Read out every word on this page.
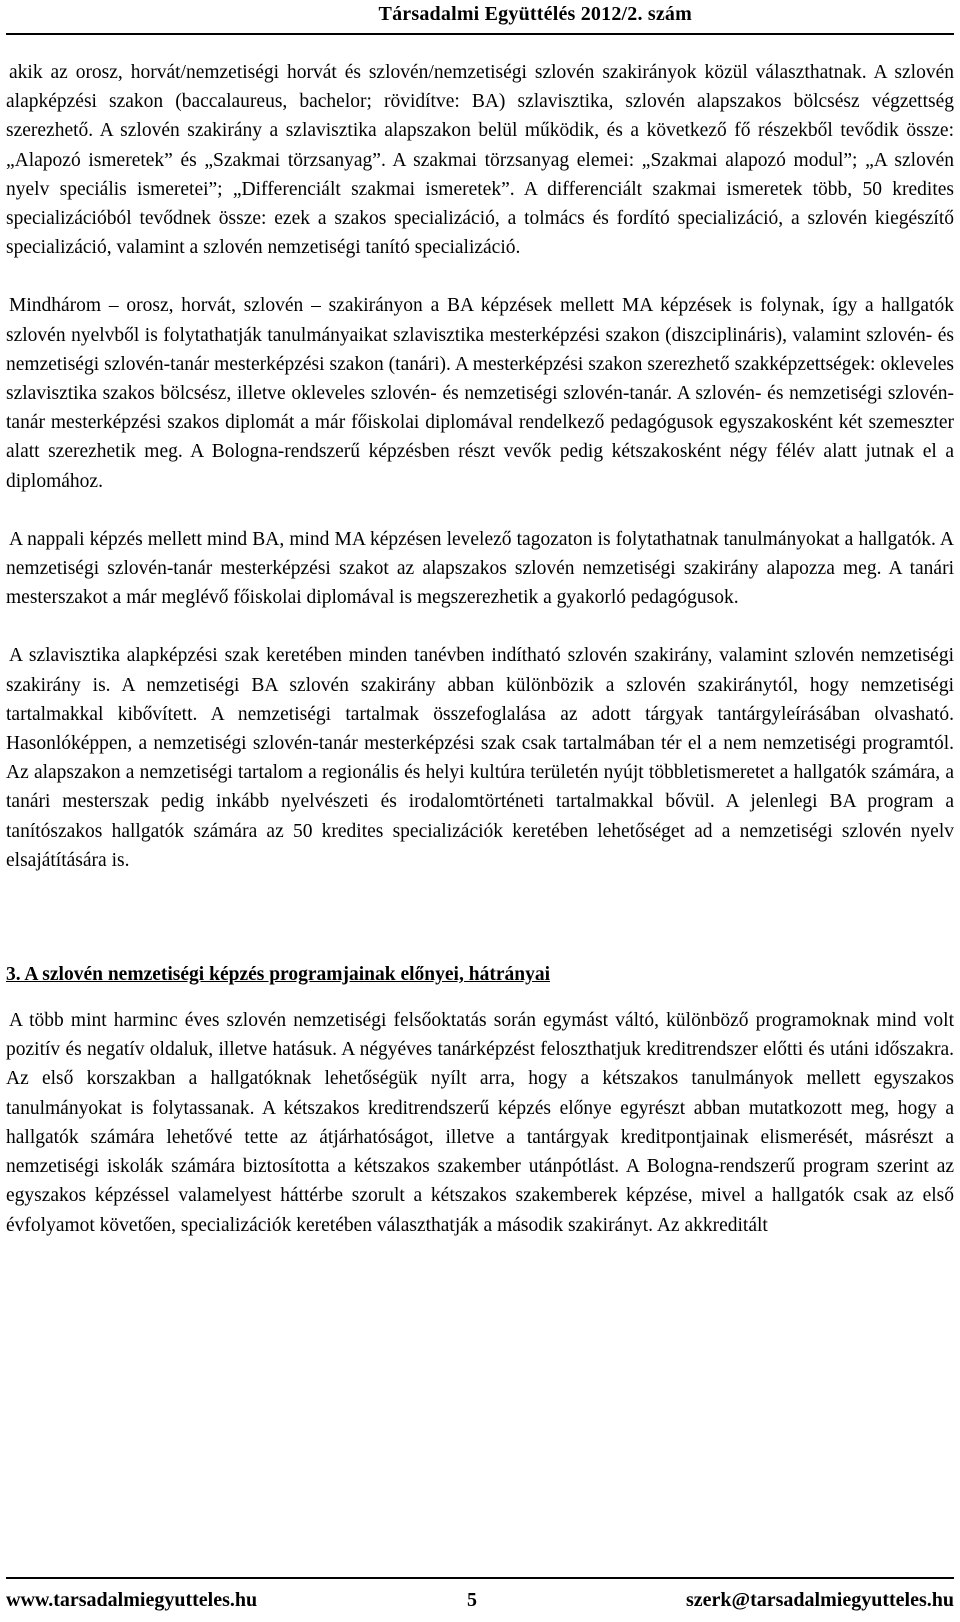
Társadalmi Együttélés 2012/2. szám

akik az orosz, horvát/nemzetiségi horvát és szlovén/nemzetiségi szlovén szakirányok közül választhatnak. A szlovén alapképzési szakon (baccalaureus, bachelor; rövidítve: BA) szlavisztika, szlovén alapszakos bölcsész végzettség szerezhető. A szlovén szakirány a szlavisztika alapszakon belül működik, és a következő fő részekből tevődik össze: „Alapozó ismeretek” és „Szakmai törzsanyag”. A szakmai törzsanyag elemei: „Szakmai alapozó modul”; „A szlovén nyelv speciális ismeretei”; „Differenciált szakmai ismeretek”. A differenciált szakmai ismeretek több, 50 kredites specializációból tevődnek össze: ezek a szakos specializáció, a tolmács és fordító specializáció, a szlovén kiegészítő specializáció, valamint a szlovén nemzetiségi tanító specializáció.

Mindhárom – orosz, horvát, szlovén – szakirányon a BA képzések mellett MA képzések is folynak, így a hallgatók szlovén nyelvből is folytathatják tanulmányaikat szlavisztika mesterképzési szakon (diszciplináris), valamint szlovén- és nemzetiségi szlovén-tanár mesterképzési szakon (tanári). A mesterképzési szakon szerezhető szakképzettségek: okleveles szlavisztika szakos bölcsész, illetve okleveles szlovén- és nemzetiségi szlovén-tanár. A szlovén- és nemzetiségi szlovén-tanár mesterképzési szakos diplomát a már főiskolai diplomával rendelkező pedagógusok egyszakosként két szemeszter alatt szerezhetik meg. A Bologna-rendszerű képzésben részt vevők pedig kétszakosként négy félév alatt jutnak el a diplomához.

A nappali képzés mellett mind BA, mind MA képzésen levelező tagozaton is folytathatnak tanulmányokat a hallgatók. A nemzetiségi szlovén-tanár mesterképzési szakot az alapszakos szlovén nemzetiségi szakirány alapozza meg. A tanári mesterszakot a már meglévő főiskolai diplomával is megszerezhetik a gyakorló pedagógusok.

A szlavisztika alapképzési szak keretében minden tanévben indítható szlovén szakirány, valamint szlovén nemzetiségi szakirány is. A nemzetiségi BA szlovén szakirány abban különbözik a szlovén szakiránytól, hogy nemzetiségi tartalmakkal kibővített. A nemzetiségi tartalmak összefoglalása az adott tárgyak tantárgyleírásában olvasható. Hasonlóképpen, a nemzetiségi szlovén-tanár mesterképzési szak csak tartalmában tér el a nem nemzetiségi programtól. Az alapszakon a nemzetiségi tartalom a regionális és helyi kultúra területén nyújt többletismeretet a hallgatók számára, a tanári mesterszak pedig inkább nyelvészeti és irodalomtörténeti tartalmakkal bővül. A jelenlegi BA program a tanítószakos hallgatók számára az 50 kredites specializációk keretében lehetőséget ad a nemzetiségi szlovén nyelv elsajátítására is.

3. A szlovén nemzetiségi képzés programjainak előnyei, hátrányai

A több mint harminc éves szlovén nemzetiségi felsőoktatás során egymást váltó, különböző programoknak mind volt pozitív és negatív oldaluk, illetve hatásuk. A négyéves tanárképzést feloszthatjuk kreditrendszer előtti és utáni időszakra. Az első korszakban a hallgatóknak lehetőségük nyílt arra, hogy a kétszakos tanulmányok mellett egyszakos tanulmányokat is folytassanak. A kétszakos kreditrendszerű képzés előnye egyrészt abban mutatkozott meg, hogy a hallgatók számára lehetővé tette az átjárhatóságot, illetve a tantárgyak kreditpontjainak elismerését, másrészt a nemzetiségi iskolák számára biztosította a kétszakos szakember utánpótlást. A Bologna-rendszerű program szerint az egyszakos képzéssel valamelyest háttérbe szorult a kétszakos szakemberek képzése, mivel a hallgatók csak az első évfolyamot követően, specializációk keretében választhatják a második szakirányt. Az akkreditált

www.tarsadalmiegyutteles.hu	5	szerk@tarsadalmiegyutteles.hu
